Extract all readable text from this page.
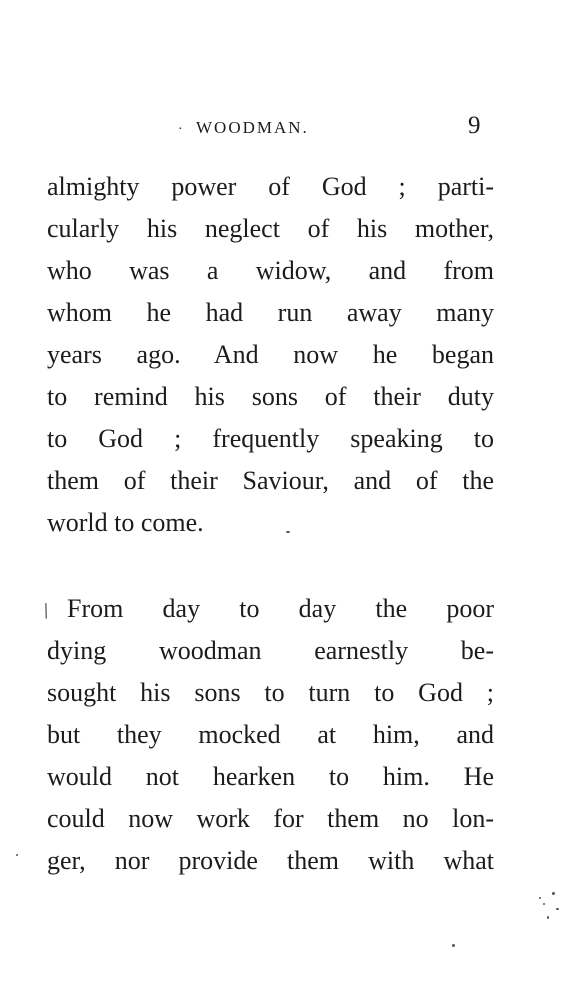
· WOODMAN.	9
almighty power of God ; parti-
cularly his neglect of his mother,
who was a widow, and from
whom he had run away many
years ago. And now he began
to remind his sons of their duty
to God ; frequently speaking to
them of their Saviour, and of the
world to come.
/ From day to day the poor
dying woodman earnestly be-
sought his sons to turn to God ;
but they mocked at him, and
would not hearken to him. He
could now work for them no lon-
ger, nor provide them with what
